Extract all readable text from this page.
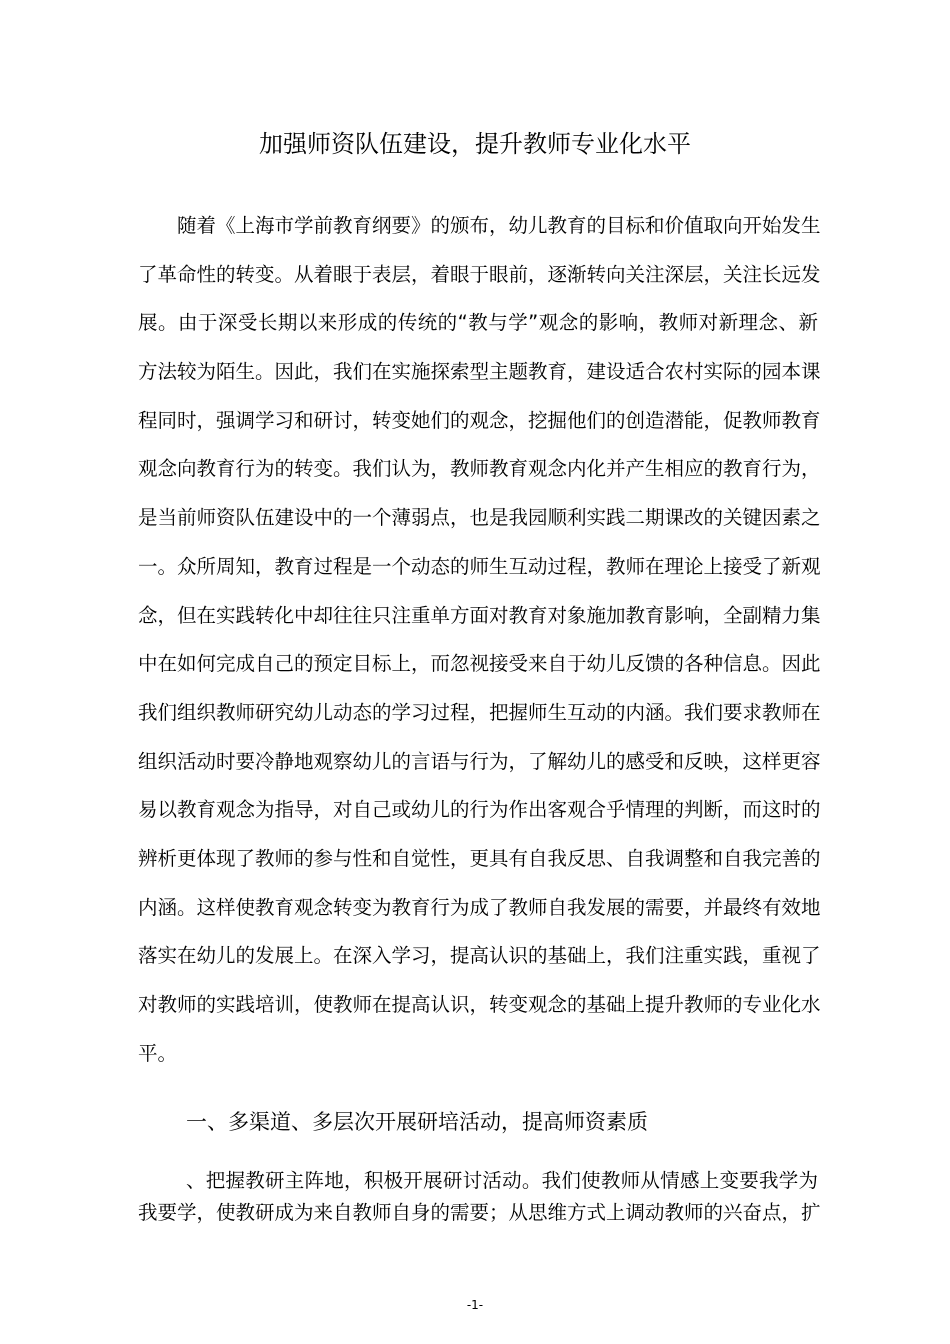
加强师资队伍建设，提升教师专业化水平

随着《上海市学前教育纲要》的颁布，幼儿教育的目标和价值取向开始发生

了革命性的转变。从着眼于表层，着眼于眼前，逐渐转向关注深层，关注长远发

展。由于深受长期以来形成的传统的“教与学”观念的影响，教师对新理念、新

方法较为陌生。因此，我们在实施探索型主题教育，建设适合农村实际的园本课

程同时，强调学习和研讨，转变她们的观念，挖掘他们的创造潜能，促教师教育

观念向教育行为的转变。我们认为，教师教育观念内化并产生相应的教育行为，

是当前师资队伍建设中的一个薄弱点，也是我园顺利实践二期课改的关键因素之

一。众所周知，教育过程是一个动态的师生互动过程，教师在理论上接受了新观

念，但在实践转化中却往往只注重单方面对教育对象施加教育影响，全副精力集

中在如何完成自己的预定目标上，而忽视接受来自于幼儿反馈的各种信息。因此

我们组织教师研究幼儿动态的学习过程，把握师生互动的内涵。我们要求教师在

组织活动时要冷静地观察幼儿的言语与行为，了解幼儿的感受和反映，这样更容

易以教育观念为指导，对自己或幼儿的行为作出客观合乎情理的判断，而这时的

辨析更体现了教师的参与性和自觉性，更具有自我反思、自我调整和自我完善的

内涵。这样使教育观念转变为教育行为成了教师自我发展的需要，并最终有效地

落实在幼儿的发展上。在深入学习，提高认识的基础上，我们注重实践，重视了

对教师的实践培训，使教师在提高认识，转变观念的基础上提升教师的专业化水

平。

一、多渠道、多层次开展研培活动，提高师资素质

、把握教研主阵地，积极开展研讨活动。我们使教师从情感上变要我学为

我要学，使教研成为来自教师自身的需要；从思维方式上调动教师的兴奋点，扩

-1-
